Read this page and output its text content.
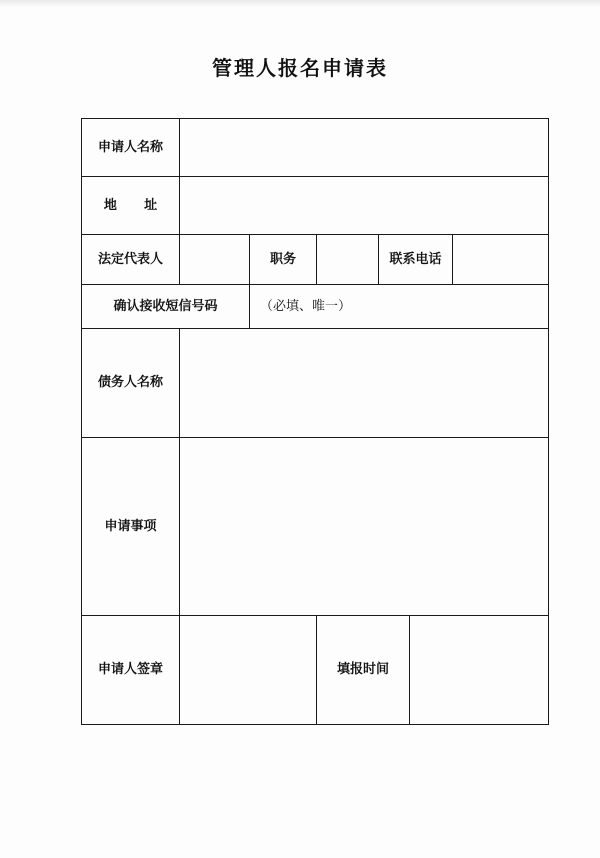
管理人报名申请表
申请人名称						
地      址						
法定代表人		职务		联系电话		
确认接收短信号码		（必填、唯一）				
债务人名称						
申请事项						
申请人签章			填报时间			
